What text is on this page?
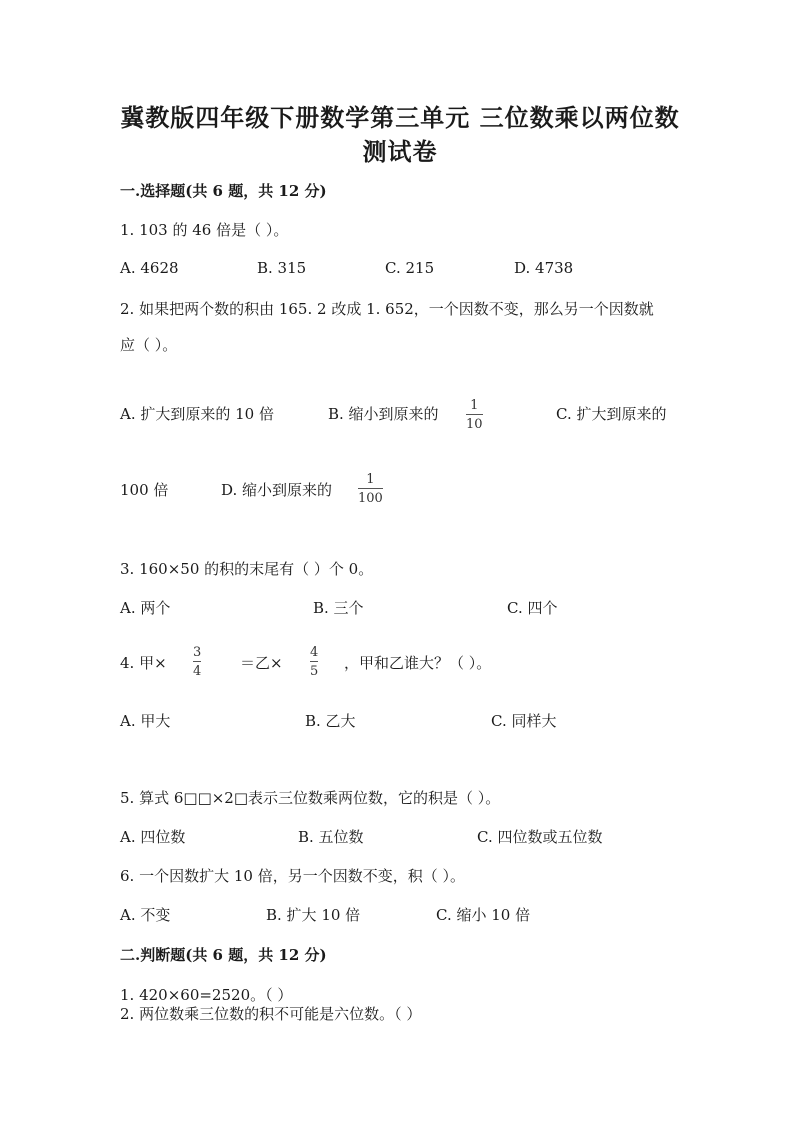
冀教版四年级下册数学第三单元 三位数乘以两位数
测试卷
一.选择题(共 6 题，共 12 分)
1. 103 的 46 倍是（ ）。
A. 4628	B. 315	C. 215	D. 4738
2. 如果把两个数的积由 165. 2 改成 1. 652，一个因数不变，那么另一个因数就
应（ ）。
A. 扩大到原来的 10 倍	B. 缩小到原来的 1
10
C. 扩大到原来的
100 倍	D. 缩小到原来的
1
100
3. 160×50 的积的末尾有（ ）个 0。
A. 两个	B. 三个	C. 四个
4. 甲×
3
4	＝乙×
4
5 ，甲和乙谁大？（ ）。
A. 甲大	B. 乙大	C. 同样大
5. 算式 6□□×2□表示三位数乘两位数，它的积是（ ）。
A. 四位数	B. 五位数	C. 四位数或五位数
6. 一个因数扩大 10 倍，另一个因数不变，积（ ）。
A. 不变	B. 扩大 10 倍	C. 缩小 10 倍
二.判断题(共 6 题，共 12 分)
1. 420×60=2520。（ ）
2. 两位数乘三位数的积不可能是六位数。（ ）
